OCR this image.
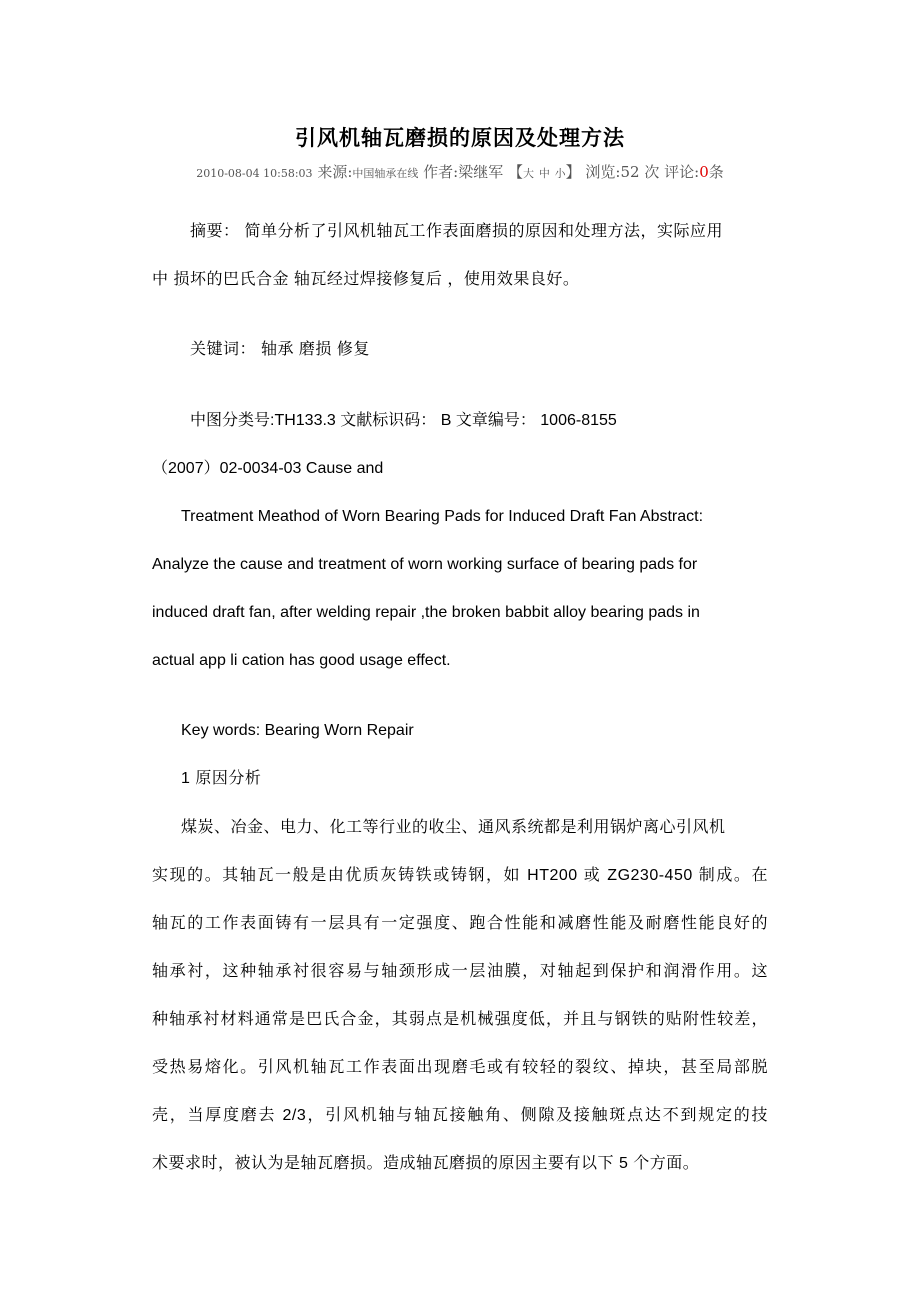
引风机轴瓦磨损的原因及处理方法
2010-08-04 10:58:03 来源:中国轴承在线 作者:梁继军 【大 中 小】 浏览:52 次 评论:0条
摘要： 简单分析了引风机轴瓦工作表面磨损的原因和处理方法，实际应用
中 损坏的巴氏合金 轴瓦经过焊接修复后 ，使用效果良好。
关键词： 轴承 磨损 修复
中图分类号:TH133.3 文献标识码： B 文章编号： 1006-8155
（2007）02-0034-03 Cause and
Treatment Meathod of Worn Bearing Pads for Induced Draft Fan Abstract:
Analyze the cause and treatment of worn working surface of bearing pads for
induced draft fan, after welding repair ,the broken babbit alloy bearing pads in
actual app li cation has good usage effect.
Key words: Bearing Worn Repair
1 原因分析
煤炭、冶金、电力、化工等行业的收尘、通风系统都是利用锅炉离心引风机
实现的。其轴瓦一般是由优质灰铸铁或铸钢，如 HT200 或 ZG230-450 制成。在
轴瓦的工作表面铸有一层具有一定强度、跑合性能和减磨性能及耐磨性能良好的
轴承衬，这种轴承衬很容易与轴颈形成一层油膜，对轴起到保护和润滑作用。这
种轴承衬材料通常是巴氏合金，其弱点是机械强度低，并且与钢铁的贴附性较差，
受热易熔化。引风机轴瓦工作表面出现磨毛或有较轻的裂纹、掉块，甚至局部脱
壳，当厚度磨去 2/3，引风机轴与轴瓦接触角、侧隙及接触斑点达不到规定的技
术要求时，被认为是轴瓦磨损。造成轴瓦磨损的原因主要有以下 5 个方面。
